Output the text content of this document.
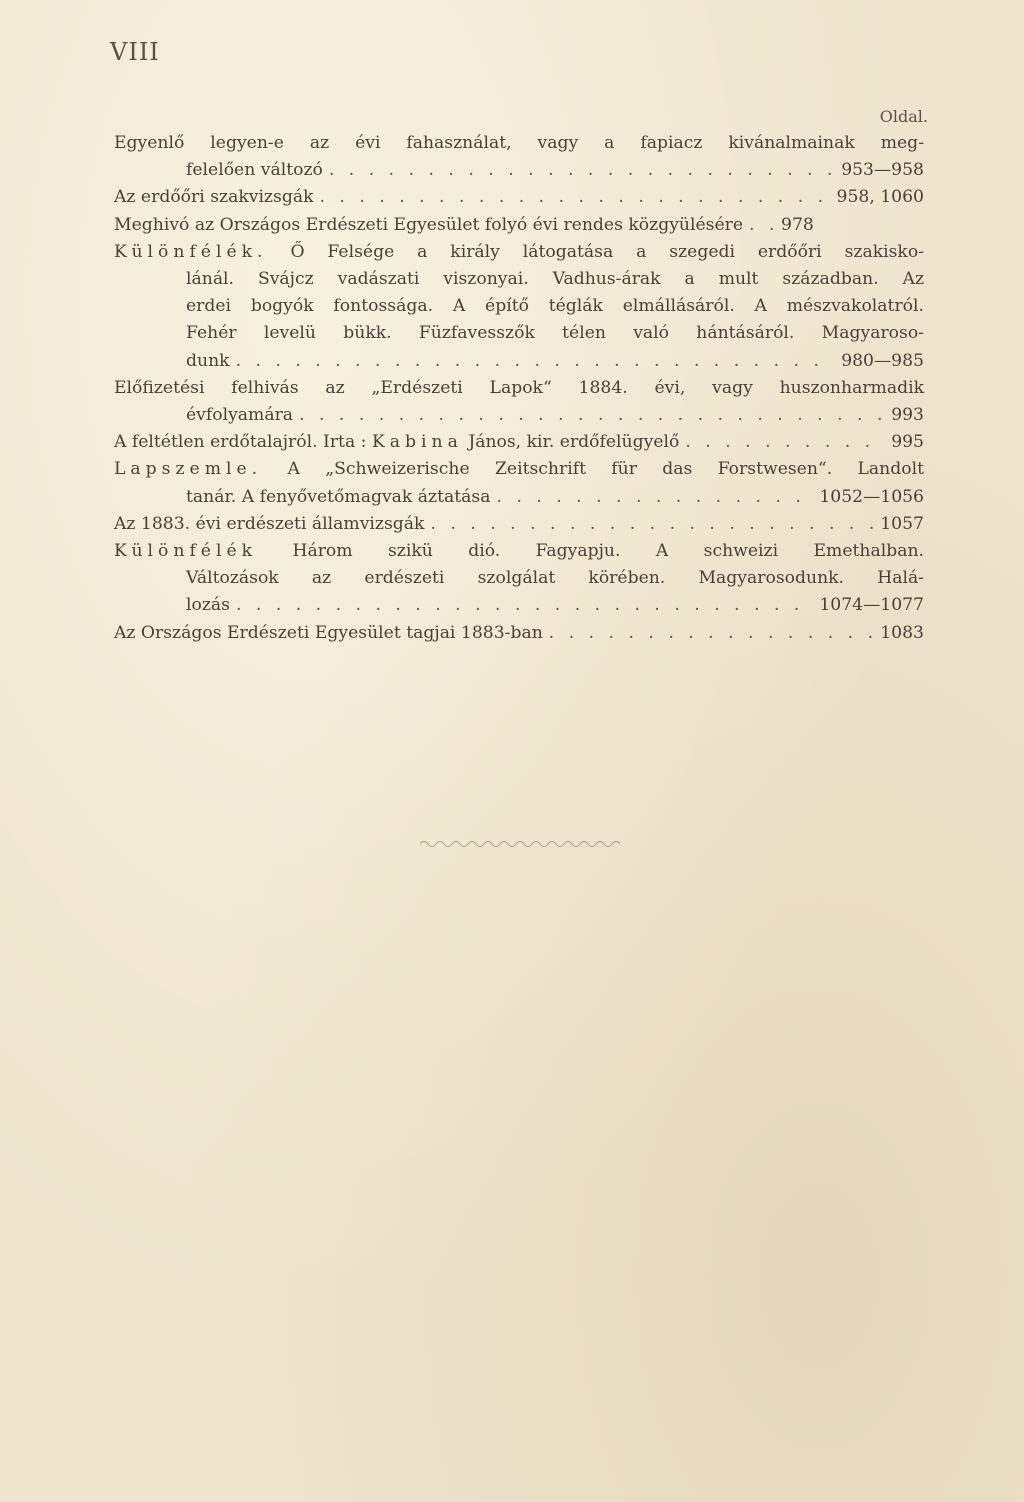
VIII
Oldal.
Egyenlő legyen-e az évi fahasználat, vagy a fapiacz kivánalmainak meg-
felelően változó . . .	953—958
Az erdőőri szakvizsgák . . .	958, 1060
Meghivó az Országos Erdészeti Egyesület folyó évi rendes közgyülésére . . . 978
Különfélék. Ő Felsége a király látogatása a szegedi erdőőri szakisko-
lánál. Svájcz vadászati viszonyai. Vadhus-árak a mult században. Az
erdei bogyók fontossága. A építő téglák elmállásáról. A mészvakolatról.
Fehér levelü bükk. Füzfavesszők télen való hántásáról. Magyaroso-
dunk . . .	980—985
Előfizetési felhivás az „Erdészeti Lapok“ 1884. évi, vagy huszonharmadik
évfolyamára . . .	993
A feltétlen erdőtalajról. Irta :
Kabina
János, kir. erdőfelügyelő . . .	995
Lapszemle. A „Schweizerische Zeitschrift für das Forstwesen“. Landolt
tanár. A fenyővetőmagvak áztatása . . .	1052—1056
Az 1883. évi erdészeti államvizsgák . . .	1057
Különfélék Három szikü dió. Fagyapju. A schweizi Emethalban.
Változások az erdészeti szolgálat körében. Magyarosodunk. Halá-
lozás . . .	1074—1077
Az Országos Erdészeti Egyesület tagjai 1883-ban . . .	1083
